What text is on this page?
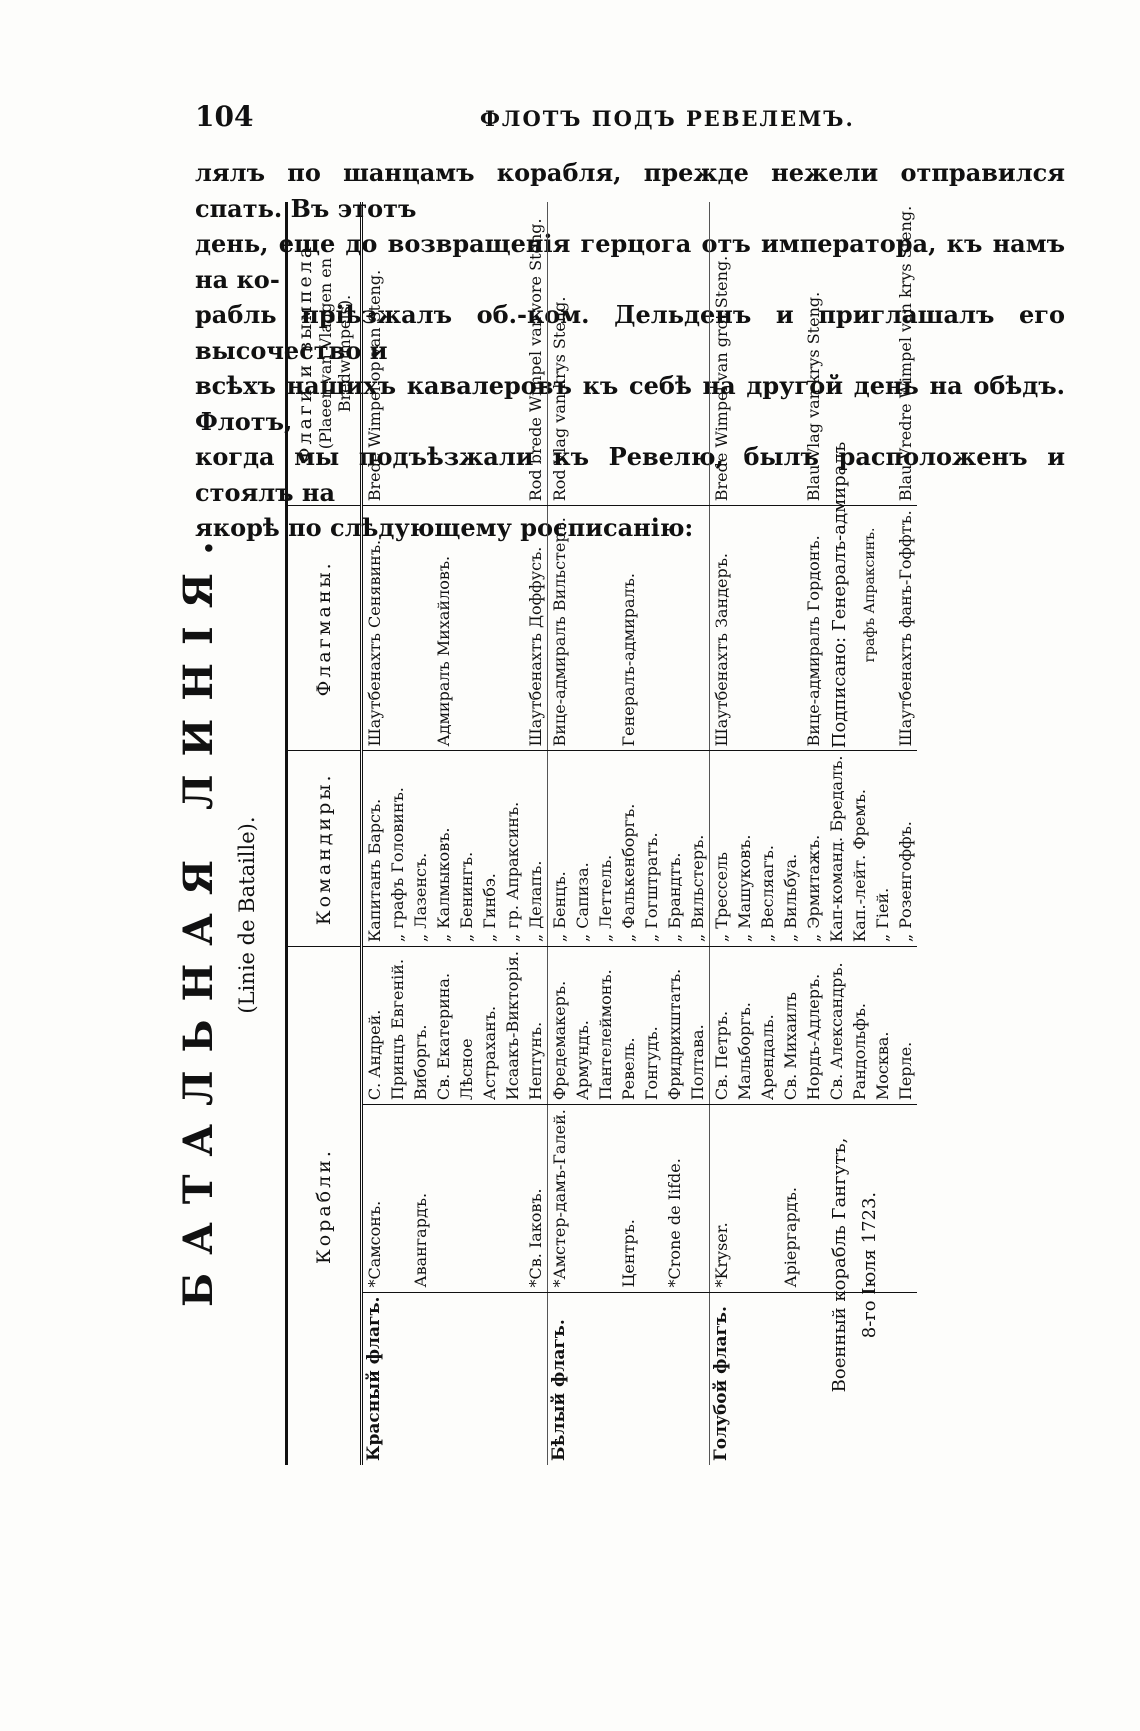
104	ФЛОТЪ ПОДЪ РЕВЕЛЕМЪ.
лялъ по шанцамъ корабля, прежде нежели отправился спать. Въ этотъ
день, еще до возвращенія герцога отъ императора, къ намъ на ко-
рабль пріѣзжалъ об.-ком. Дельденъ и приглашалъ его высочество и
всѣхъ нашихъ кавалеровъ къ себѣ на другой день на обѣдъ. Флотъ,
когда мы подъѣзжали къ Ревелю, былъ расположенъ и стоялъ на
якорѣ по слѣдующему росписанію:
БАТАЛЬНАЯ ЛИНІЯ. (Linie de Bataille).
Корабли.			Командиры.	Флагманы.	Флаги и вымпела (Plaeen van Vlaggen en Bredwimpels).

Красный флагъ.	*Самсонъ.	С. Андрей.	Капитанъ Барсъ.	Шаутбенахтъ Сенявинъ.	Brede Wimpel op van Steng.
		Принцъ Евгеній.	„ графъ Головинъ.		
	Авангардъ.	Виборгъ.	„ Лазенсъ.		
		Св. Екатерина.	„ Калмыковъ.	Адмиралъ Михайловъ.	
		Лѣсное	„ Бенингъ.		
		Астраханъ.	„ Гинбэ.		
		Исаакъ-Викторія.	„ гр. Апраксинъ.		
	*Св. Іаковъ.	Нептунъ.	„ Делапъ.	Шаутбенахтъ Доффусъ.	Rod brede Wimpel van vore Steng.
Бѣлый флагъ.	*Амстер-дамъ-Галей.	Фредемакеръ.	„ Бенцъ.	Вице-адмиралъ Вильстеръ.	Rod Vlag van krys Steng.
		Армундъ.	„ Сапиза.		
		Пантелеймонъ.	„ Леттель.		
	Центръ.	Ревель.	„ Фалькенборгъ.	Генералъ-адмиралъ.	
		Гонгудъ.	„ Гогштратъ.		
	*Crone de Iifde.	Фридрихштатъ.	„ Брандтъ.		
		Полтава.	„ Вильстеръ.		
Голубой флагъ.	*Kryser.	Св. Петръ.	„ Трессель	Шаутбенахтъ Зандеръ.	Brede Wimpel van grot Steng.
		Мальборгъ.	„ Машуковъ.		
		Арендаль.	„ Весляагъ.		
	Аріергардъ.	Св. Михаилъ	„ Вильбуа.		
		Нордъ-Адлеръ.	„ Эрмитажъ.	Вице-адмиралъ Гордонъ.	Blau Vlag van krys Steng.
		Св. Александръ.	Кап-команд. Бредалъ.		
		Рандольфъ.	Кап.-лейт. Фремъ.		
		Москва.	„ Гіей.		
		Перле.	„ Розенгоффъ.	Шаутбенахтъ фанъ-Гоффтъ.	Blau Vredre Wimpel van krys Steng.
Военный корабль Гангутъ, 8-го Іюля 1723.
Подписано: Генералъ-адмиралъ графъ Апраксинъ.
